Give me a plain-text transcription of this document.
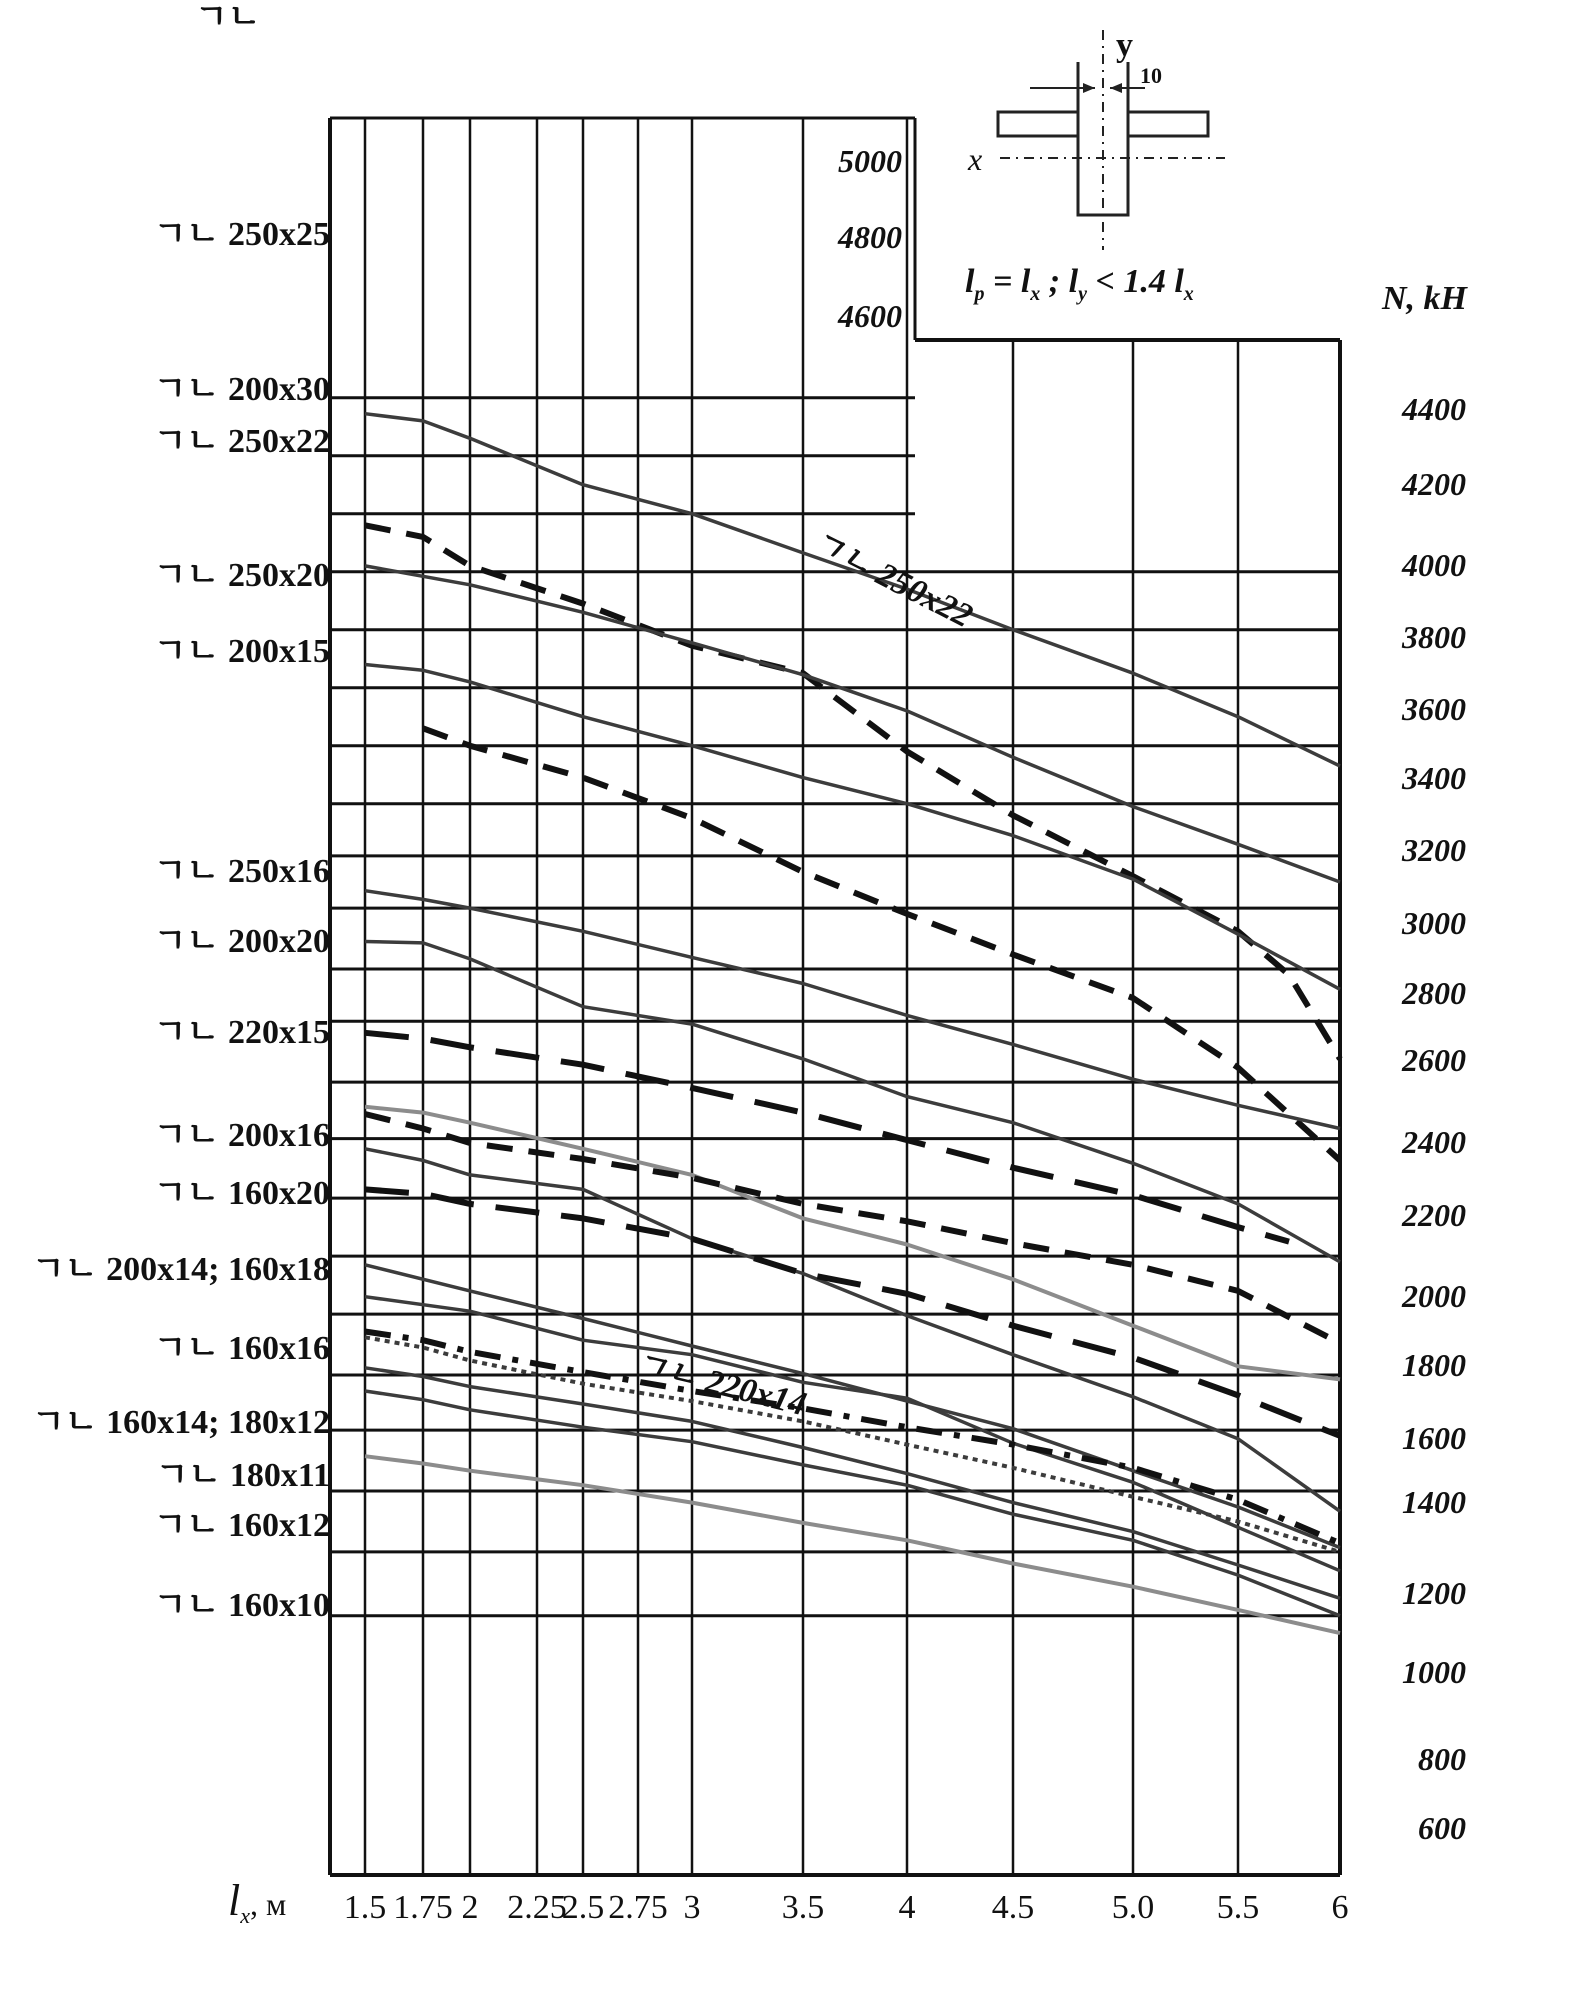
ㄱㄴ
y
10
x
$l_p = l_x$ ; $l_y < 1.4$ $l_x$	N, kH
$l_x$, м
ㄱㄴ 250x25
ㄱㄴ 200x30
ㄱㄴ 250x22
ㄱㄴ 250x20
ㄱㄴ 200x15
ㄱㄴ 250x16
ㄱㄴ 200x20
ㄱㄴ 220x15
ㄱㄴ 200x16
ㄱㄴ 160x20
ㄱㄴ 200x14; 160x18
ㄱㄴ 160x16
ㄱㄴ 160x14; 180x12
ㄱㄴ 180x11
ㄱㄴ 160x12
ㄱㄴ 160x10
4400
4200
4000
3800
3600
3400
3200
3000
2800
2600
2400
2200
2000
1800
1600
1400
1200
1000
800
600
5000
4800
4600
1.5 1.75 2 2.25
2.5 2.75 3 3.5 4 4.5 5.0 5.5 6
ㄱㄴ 250x22
ㄱㄴ 220x14
